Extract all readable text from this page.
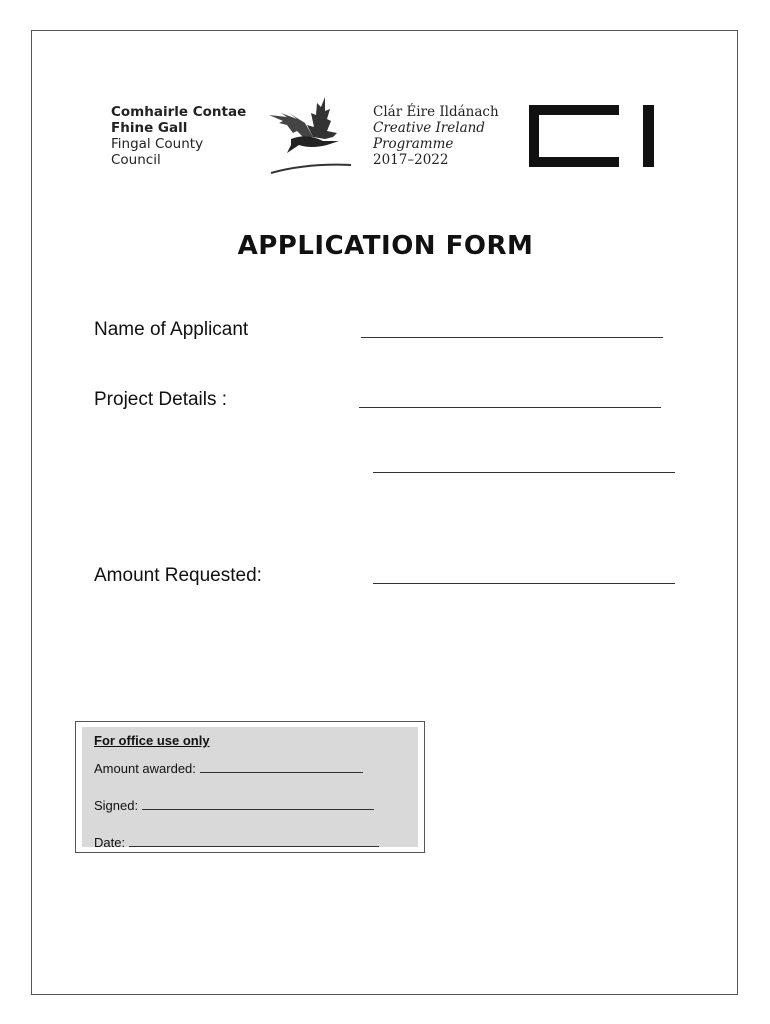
Comhairle Contae
Fhine Gall
Fingal County
Council
Clár Éire Ildánach
Creative Ireland
Programme
2017–2022
APPLICATION FORM
Name of Applicant
Project Details :
Amount Requested:
For office use only
Amount awarded:
Signed:
Date:
